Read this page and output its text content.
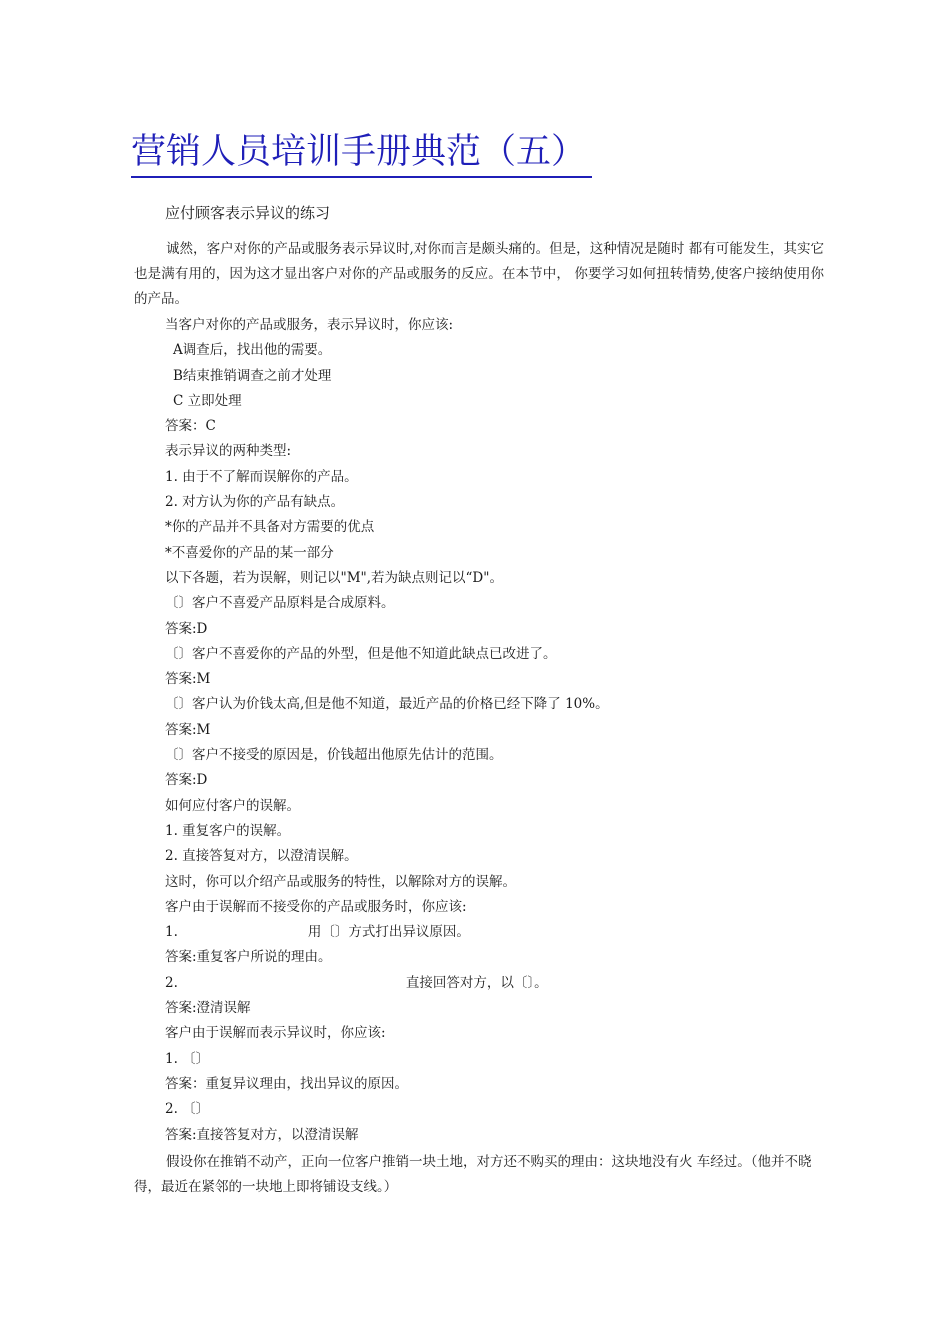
营销人员培训手册典范（五）
应付顾客表示异议的练习

诚然，客户对你的产品或服务表示异议时,对你而言是颇头痛的。但是，这种情况是随时 都有可能发生，其实它也是满有用的，因为这才显出客户对你的产品或服务的反应。在本节中， 你要学习如何扭转情势,使客户接纳使用你的产品。

当客户对你的产品或服务，表示异议时，你应该:
A调查后，找出他的需要。
B结束推销调查之前才处理
C 立即处理
答案：C
表示异议的两种类型:
1. 由于不了解而误解你的产品。
2. 对方认为你的产品有缺点。
*你的产品并不具备对方需要的优点
*不喜爱你的产品的某一部分
以下各题，若为误解，则记以"M",若为缺点则记以“D"。
〔〕客户不喜爱产品原料是合成原料。
答案:D
〔〕客户不喜爱你的产品的外型，但是他不知道此缺点已改进了。
答案:M
〔〕客户认为价钱太高,但是他不知道，最近产品的价格已经下降了 10%。
答案:M
〔〕客户不接受的原因是，价钱超出他原先估计的范围。
答案:D
如何应付客户的误解。
1. 重复客户的误解。
2. 直接答复对方，以澄清误解。
这时，你可以介绍产品或服务的特性，以解除对方的误解。
客户由于误解而不接受你的产品或服务时，你应该:
1.	用〔〕方式打出异议原因。
答案:重复客户所说的理由。
2.	直接回答对方，以〔〕。
答案:澄清误解
客户由于误解而表示异议时，你应该:
1. 〔〕
答案：重复异议理由，找出异议的原因。
2. 〔〕
答案:直接答复对方，以澄清误解

假设你在推销不动产，正向一位客户推销一块土地，对方还不购买的理由：这块地没有火 车经过。（他并不晓得，最近在紧邻的一块地上即将铺设支线。）
